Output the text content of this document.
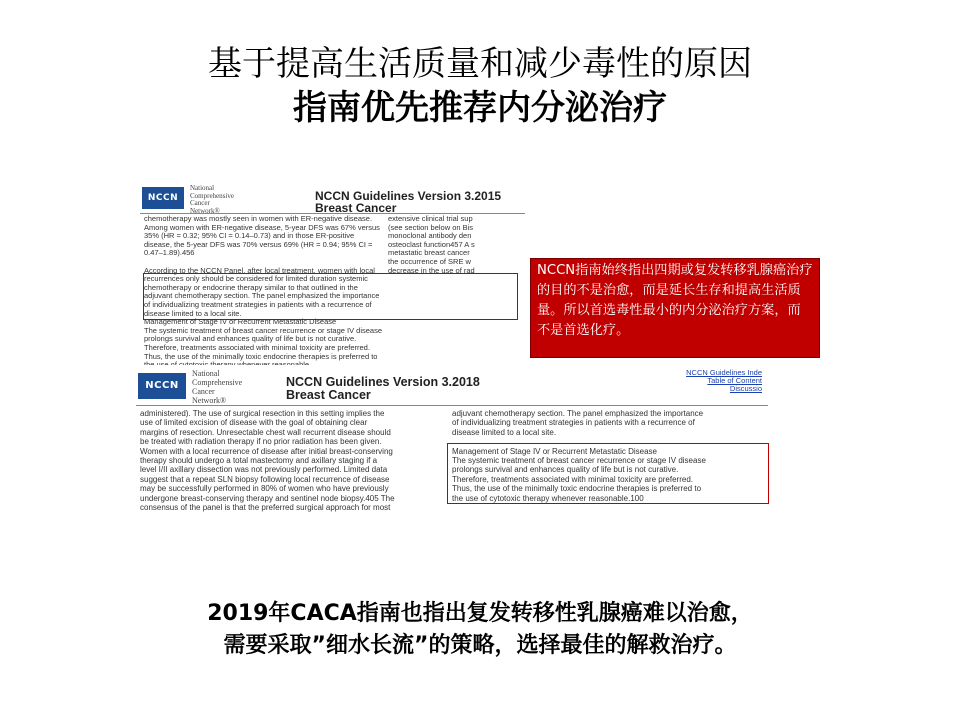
基于提高生活质量和减少毒性的原因
指南优先推荐内分泌治疗
NCCN
National
Comprehensive
Cancer
Network®
NCCN Guidelines Version 3.2015
Breast Cancer
chemotherapy was mostly seen in women with ER-negative disease.
Among women with ER-negative disease, 5-year DFS was 67% versus
35% (HR = 0.32; 95% CI = 0.14–0.73) and in those ER-positive
disease, the 5-year DFS was 70% versus 69% (HR = 0.94; 95% CI =
0.47–1.89).456

According to the NCCN Panel, after local treatment, women with local
recurrences only should be considered for limited duration systemic
chemotherapy or endocrine therapy similar to that outlined in the
adjuvant chemotherapy section. The panel emphasized the importance
of individualizing treatment strategies in patients with a recurrence of
disease limited to a local site.
Management of Stage IV or Recurrent Metastatic Disease
The systemic treatment of breast cancer recurrence or stage IV disease
prolongs survival and enhances quality of life but is not curative.
Therefore, treatments associated with minimal toxicity are preferred.
Thus, the use of the minimally toxic endocrine therapies is preferred to

extensive clinical trial sup
(see section below on Bis
monoclonal antibody den
osteoclast function457 A s
metastatic breast cancer
the occurrence of SRE w
decrease in the use of rad	NCCN指南始终指出四期或复发转移乳腺癌治疗的目的不是治愈，而是延长生存和提高生活质量。所以首选毒性最小的内分泌治疗方案，而不是首选化疗。
NCCN
National
Comprehensive
Cancer
Network®
NCCN Guidelines Version 3.2018
Breast Cancer
NCCN Guidelines Inde
Table of Content
Discussio
administered). The use of surgical resection in this setting implies the
use of limited excision of disease with the goal of obtaining clear
margins of resection. Unresectable chest wall recurrent disease should
be treated with radiation therapy if no prior radiation has been given.
Women with a local recurrence of disease after initial breast-conserving
therapy should undergo a total mastectomy and axillary staging if a
level I/II axillary dissection was not previously performed. Limited data
suggest that a repeat SLN biopsy following local recurrence of disease
may be successfully performed in 80% of women who have previously
undergone breast-conserving therapy and sentinel node biopsy.405 The
consensus of the panel is that the preferred surgical approach for most
adjuvant chemotherapy section. The panel emphasized the importance
of individualizing treatment strategies in patients with a recurrence of
disease limited to a local site.

Management of Stage IV or Recurrent Metastatic Disease
The systemic treatment of breast cancer recurrence or stage IV disease
prolongs survival and enhances quality of life but is not curative.
Therefore, treatments associated with minimal toxicity are preferred.
Thus, the use of the minimally toxic endocrine therapies is preferred to
the use of cytotoxic therapy whenever reasonable.100
2019年CACA指南也指出复发转移性乳腺癌难以治愈，
需要采取”细水长流”的策略，选择最佳的解救治疗。
